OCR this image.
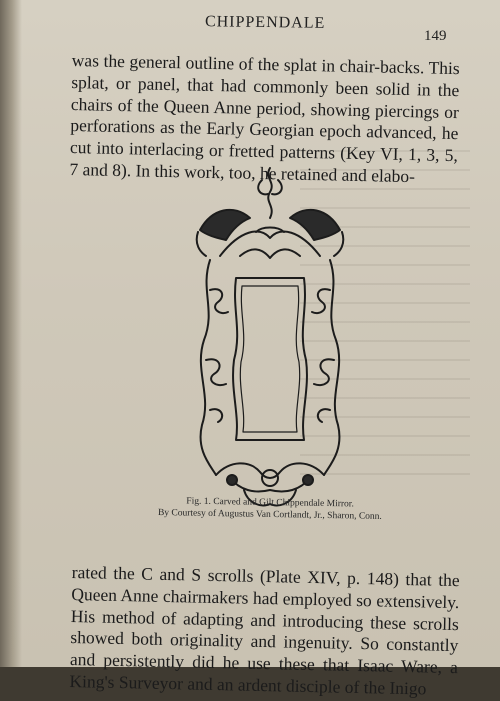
CHIPPENDALE
149

was the general outline of the splat in chair-backs. This splat, or panel, that had commonly been solid in the chairs of the Queen Anne period, showing piercings or perforations as the Early Georgian epoch advanced, he cut into interlacing or fretted patterns (Key VI, 1, 3, 5, 7 and 8). In this work, too, he retained and elabo-

Fig. 1. Carved and Gilt Chippendale Mirror.
By Courtesy of Augustus Van Cortlandt, Jr., Sharon, Conn.

rated the C and S scrolls (Plate XIV, p. 148) that the Queen Anne chairmakers had employed so extensively. His method of adapting and introducing these scrolls showed both originality and ingenuity. So constantly and persistently did he use these that Isaac Ware, a King's Surveyor and an ardent disciple of the Inigo
